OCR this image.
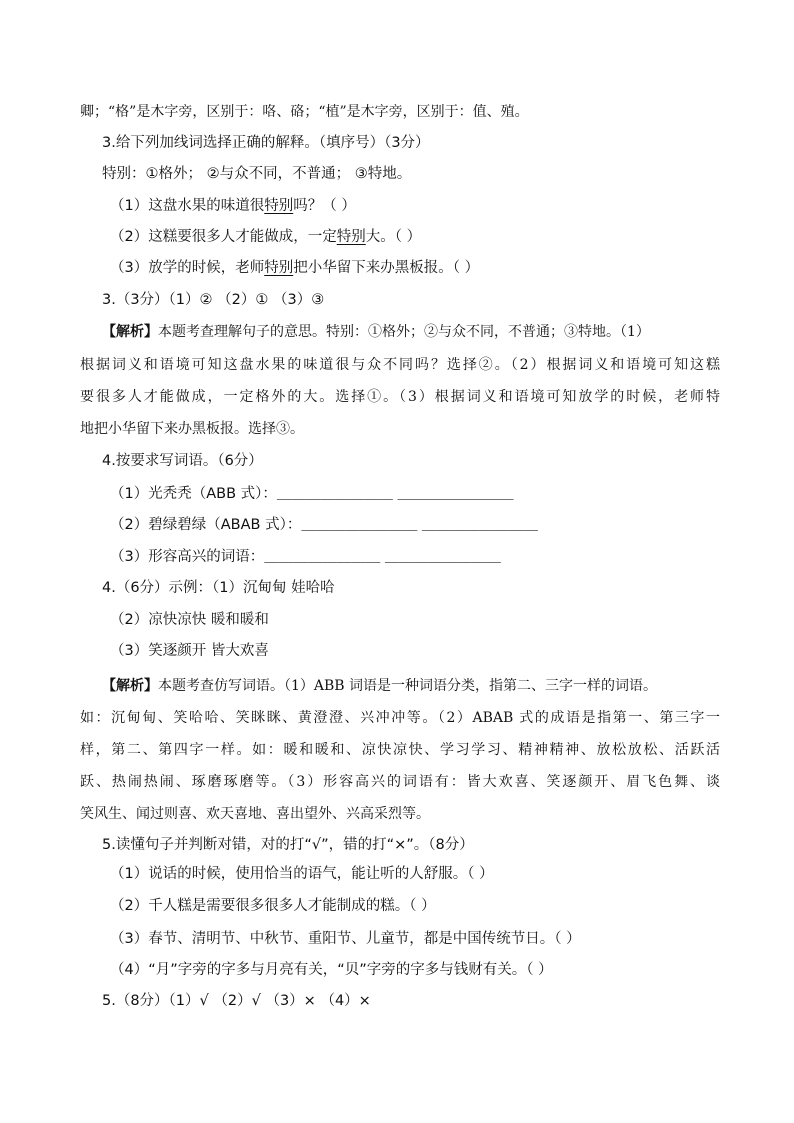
卿；“格”是木字旁，区别于：咯、硌；“植”是木字旁，区别于：值、殖。
3.给下列加线词选择正确的解释。（填序号）（3分）
特别：①格外； ②与众不同，不普通； ③特地。
（1）这盘水果的味道很特别吗？（ ）
（2）这糕要很多人才能做成，一定特别大。（ ）
（3）放学的时候，老师特别把小华留下来办黑板报。（ ）
3.（3分）（1）② （2）① （3）③
【解析】本题考查理解句子的意思。特别：①格外；②与众不同，不普通；③特地。（1）
根据词义和语境可知这盘水果的味道很与众不同吗？选择②。（2）根据词义和语境可知这糕
要很多人才能做成，一定格外的大。选择①。（3）根据词义和语境可知放学的时候，老师特
地把小华留下来办黑板报。选择③。
4.按要求写词语。（6分）
（1）光秃秃（ABB 式）：＿＿＿＿＿＿＿＿ ＿＿＿＿＿＿＿＿
（2）碧绿碧绿（ABAB 式）：＿＿＿＿＿＿＿＿ ＿＿＿＿＿＿＿＿
（3）形容高兴的词语：＿＿＿＿＿＿＿＿ ＿＿＿＿＿＿＿＿
4.（6分）示例：（1）沉甸甸 娃哈哈
（2）凉快凉快 暖和暖和
（3）笑逐颜开 皆大欢喜
【解析】本题考查仿写词语。（1）ABB 词语是一种词语分类，指第二、三字一样的词语。
如：沉甸甸、笑哈哈、笑眯眯、黄澄澄、兴冲冲等。（2）ABAB 式的成语是指第一、第三字一
样，第二、第四字一样。如：暖和暖和、凉快凉快、学习学习、精神精神、放松放松、活跃活
跃、热闹热闹、琢磨琢磨等。（3）形容高兴的词语有：皆大欢喜、笑逐颜开、眉飞色舞、谈
笑风生、闻过则喜、欢天喜地、喜出望外、兴高采烈等。
5.读懂句子并判断对错，对的打“√”，错的打“×”。（8分）
（1）说话的时候，使用恰当的语气，能让听的人舒服。（ ）
（2）千人糕是需要很多很多人才能制成的糕。（ ）
（3）春节、清明节、中秋节、重阳节、儿童节，都是中国传统节日。（ ）
（4）“月”字旁的字多与月亮有关，“贝”字旁的字多与钱财有关。（ ）
5.（8分）（1）√ （2）√ （3）× （4）×
